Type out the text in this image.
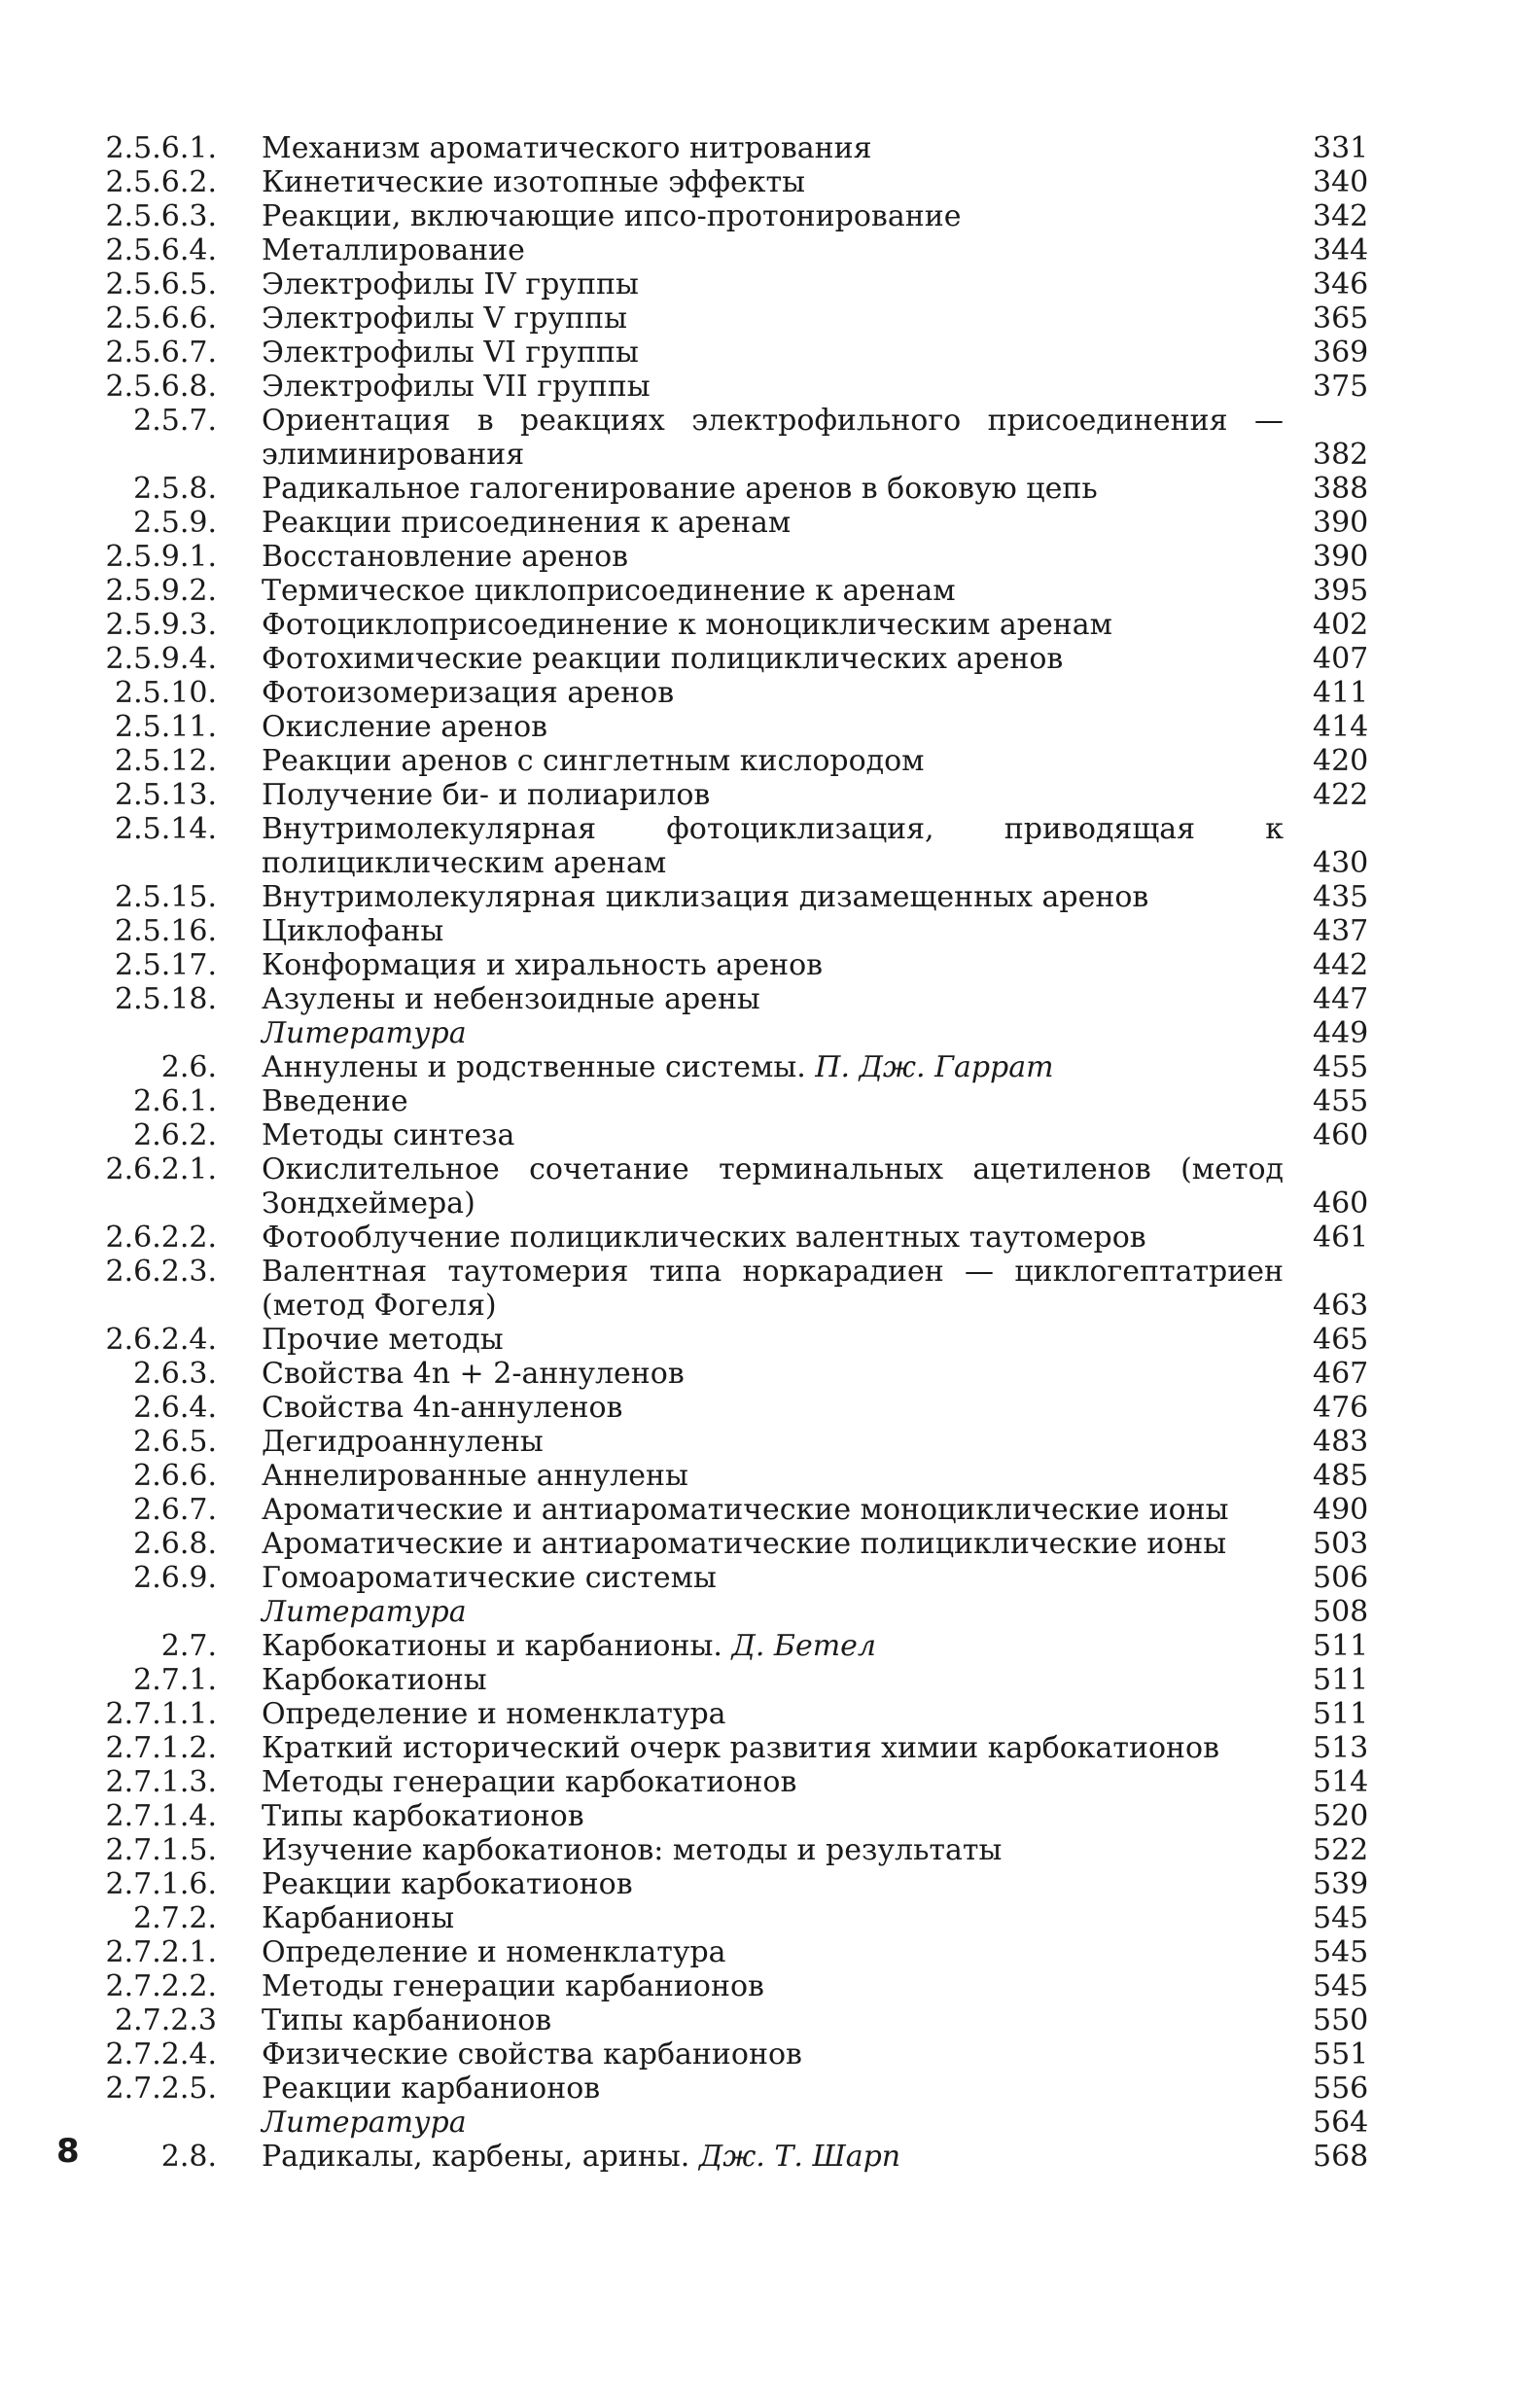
2.5.6.1.	Механизм ароматического нитрования	331
2.5.6.2.	Кинетические изотопные эффекты	340
2.5.6.3.	Реакции, включающие ипсо-протонирование	342
2.5.6.4.	Металлирование	344
2.5.6.5.	Электрофилы IV группы	346
2.5.6.6.	Электрофилы V группы	365
2.5.6.7.	Электрофилы VI группы	369
2.5.6.8.	Электрофилы VII группы	375
2.5.7.	Ориентация в реакциях электрофильного присоединения — элиминирования	382
2.5.8.	Радикальное галогенирование аренов в боковую цепь	388
2.5.9.	Реакции присоединения к аренам	390
2.5.9.1.	Восстановление аренов	390
2.5.9.2.	Термическое циклоприсоединение к аренам	395
2.5.9.3.	Фотоциклоприсоединение к моноциклическим аренам	402
2.5.9.4.	Фотохимические реакции полициклических аренов	407
2.5.10.	Фотоизомеризация аренов	411
2.5.11.	Окисление аренов	414
2.5.12.	Реакции аренов с синглетным кислородом	420
2.5.13.	Получение би- и полиарилов	422
2.5.14.	Внутримолекулярная фотоциклизация, приводящая к полициклическим аренам	430
2.5.15.	Внутримолекулярная циклизация дизамещенных аренов	435
2.5.16.	Циклофаны	437
2.5.17.	Конформация и хиральность аренов	442
2.5.18.	Азулены и небензоидные арены	447
Литература	449
2.6.	Аннулены и родственные системы. П. Дж. Гаррат	455
2.6.1.	Введение	455
2.6.2.	Методы синтеза	460
2.6.2.1.	Окислительное сочетание терминальных ацетиленов (метод Зондхеймера)	460
2.6.2.2.	Фотооблучение полициклических валентных таутомеров	461
2.6.2.3.	Валентная таутомерия типа норкарадиен — циклогептатриен (метод Фогеля)	463
2.6.2.4.	Прочие методы	465
2.6.3.	Свойства 4n + 2-аннуленов	467
2.6.4.	Свойства 4n-аннуленов	476
2.6.5.	Дегидроаннулены	483
2.6.6.	Аннелированные аннулены	485
2.6.7.	Ароматические и антиароматические моноциклические ионы	490
2.6.8.	Ароматические и антиароматические полициклические ионы	503
2.6.9.	Гомоароматические системы	506
Литература	508
2.7.	Карбокатионы и карбанионы. Д. Бетел	511
2.7.1.	Карбокатионы	511
2.7.1.1.	Определение и номенклатура	511
2.7.1.2.	Краткий исторический очерк развития химии карбокатионов	513
2.7.1.3.	Методы генерации карбокатионов	514
2.7.1.4.	Типы карбокатионов	520
2.7.1.5.	Изучение карбокатионов: методы и результаты	522
2.7.1.6.	Реакции карбокатионов	539
2.7.2.	Карбанионы	545
2.7.2.1.	Определение и номенклатура	545
2.7.2.2.	Методы генерации карбанионов	545
2.7.2.3	Типы карбанионов	550
2.7.2.4.	Физические свойства карбанионов	551
2.7.2.5.	Реакции карбанионов	556
Литература	564
2.8.	Радикалы, карбены, арины. Дж. Т. Шарп	568
8
